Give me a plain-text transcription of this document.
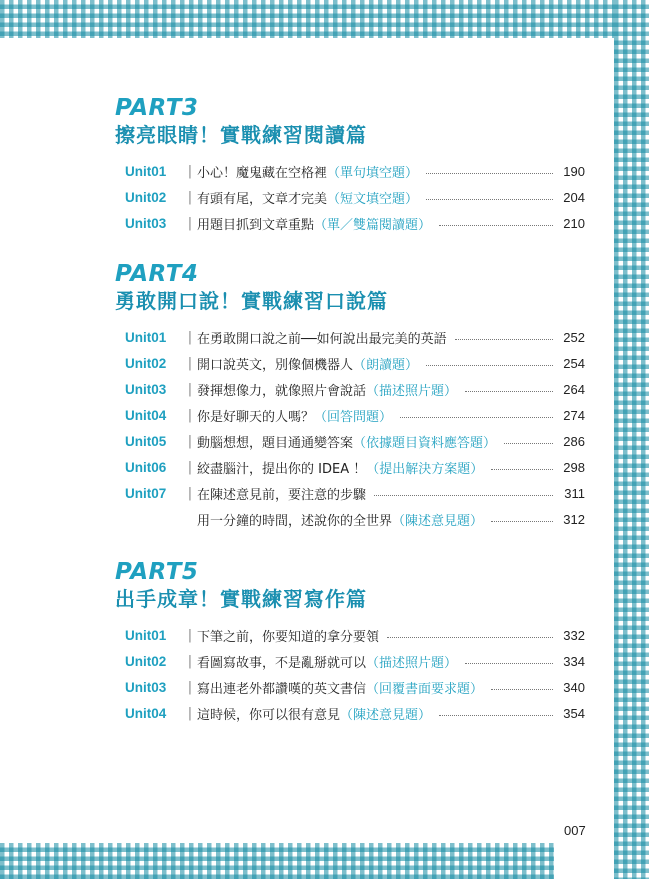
PART3
擦亮眼睛！實戰練習閱讀篇
Unit01	| 小心！魔鬼藏在空格裡 （單句填空題）	190
Unit02	| 有頭有尾，文章才完美 （短文填空題）	204
Unit03	| 用題目抓到文章重點 （單／雙篇閱讀題）	210
PART4
勇敢開口說！實戰練習口說篇
Unit01	| 在勇敢開口說之前──如何說出最完美的英語	252
Unit02	| 開口說英文，別像個機器人 （朗讀題）	254
Unit03	| 發揮想像力，就像照片會說話 （描述照片題）	264
Unit04	| 你是好聊天的人嗎？ （回答問題）	274
Unit05	| 動腦想想，題目通通變答案 （依據題目資料應答題）	286
Unit06	| 絞盡腦汁，提出你的 IDEA ！ （提出解決方案題）	298
Unit07	| 在陳述意見前，要注意的步驟	311
用一分鐘的時間，述說你的全世界 （陳述意見題）	312
PART5
出手成章！實戰練習寫作篇
Unit01	| 下筆之前，你要知道的拿分要領	332
Unit02	| 看圖寫故事，不是亂掰就可以 （描述照片題）	334
Unit03	| 寫出連老外都讚嘆的英文書信 （回覆書面要求題）	340
Unit04	| 這時候，你可以很有意見 （陳述意見題）	354
007
